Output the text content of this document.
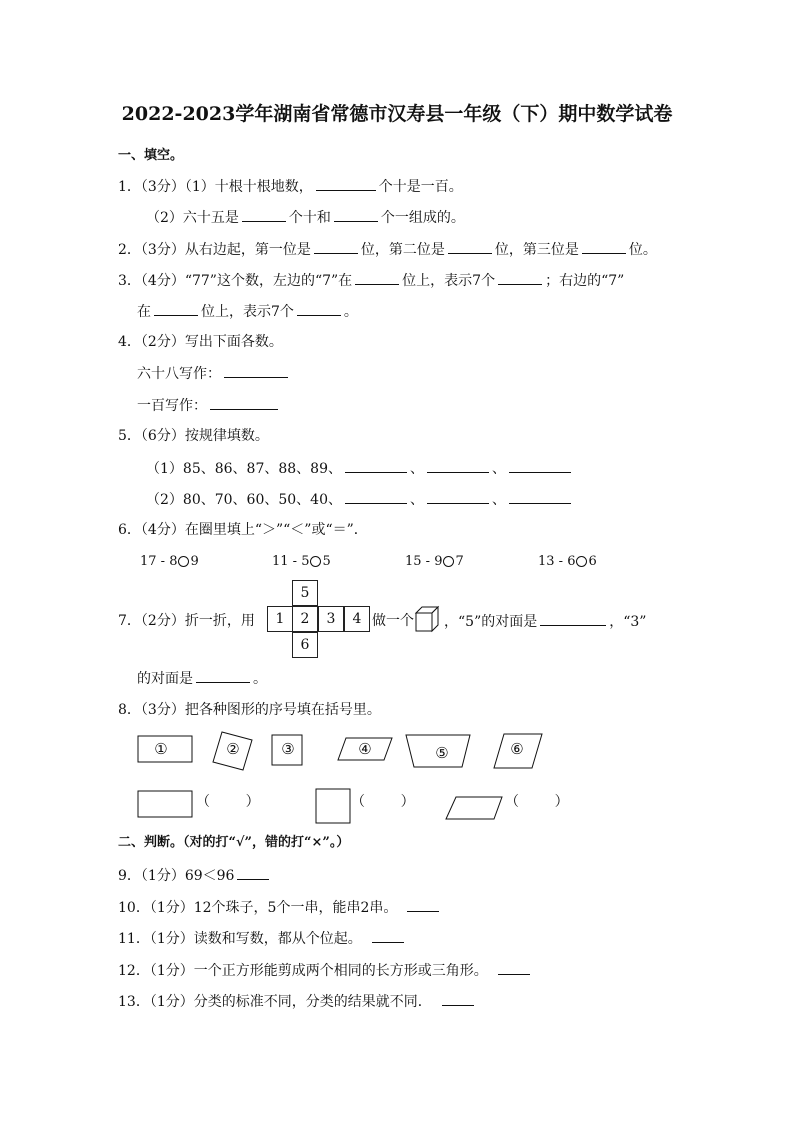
2022-2023学年湖南省常德市汉寿县一年级（下）期中数学试卷
一、填空。
1．（3分）（1）十根十根地数，	个十是一百。
（2）六十五是	个十和	个一组成的。
2．（3分）从右边起，第一位是	位，第二位是	位，第三位是	位。
3．（4分）“77”这个数，左边的“7”在	位上，表示7个	；右边的“7”
在	位上，表示7个	。
4．（2分）写出下面各数。
六十八写作：
一百写作：
5．（6分）按规律填数。
（1）85、86、87、88、89、	、	、
（2）80、70、60、50、40、	、	、
6．（4分）在圈里填上“＞”“＜”或“＝”．
17 - 8 9	11 - 5 5	15 - 9 7	13 - 6 6
7．（2分）折一折，用
5
1	2	3	4
6
做一个 ，“5”的对面是	，“3”
的对面是	。
8．（3分）把各种图形的序号填在括号里。
①	②	③	④	⑤	⑥
（        ）	（        ）	（        ）
二、判断。（对的打“√”，错的打“×”。）
9．（1分）69＜96
10．（1分）12个珠子，5个一串，能串2串。
11．（1分）读数和写数，都从个位起。
12．（1分）一个正方形能剪成两个相同的长方形或三角形。
13．（1分）分类的标准不同，分类的结果就不同．
